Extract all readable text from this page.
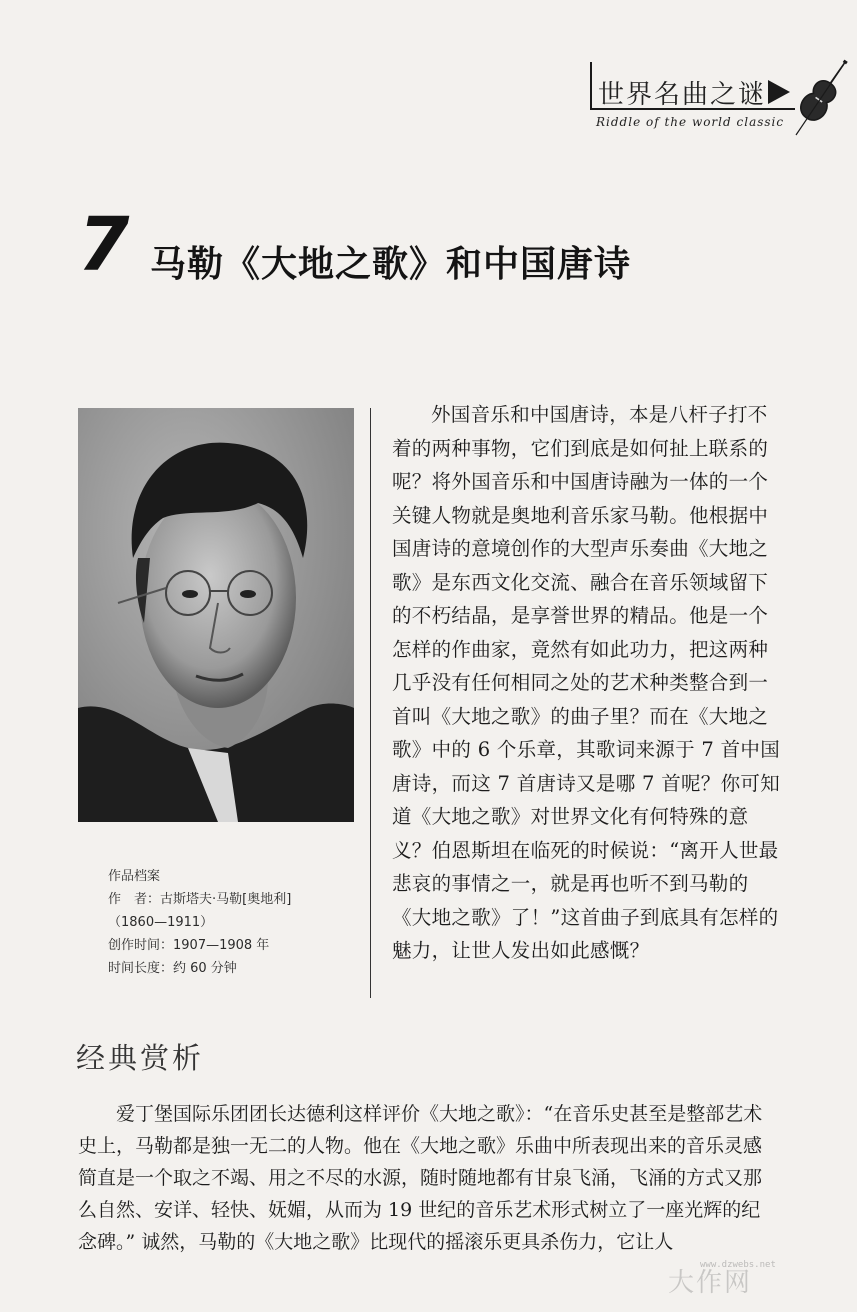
世界名曲之谜
Riddle of the world classic
7 马勒《大地之歌》和中国唐诗
作品档案
作　者：古斯塔夫·马勒[奥地利]
（1860—1911）
创作时间：1907—1908 年
时间长度：约 60 分钟

外国音乐和中国唐诗，本是八杆子打不着的两种事物，它们到底是如何扯上联系的呢？将外国音乐和中国唐诗融为一体的一个关键人物就是奥地利音乐家马勒。他根据中国唐诗的意境创作的大型声乐奏曲《大地之歌》是东西文化交流、融合在音乐领域留下的不朽结晶，是享誉世界的精品。他是一个怎样的作曲家，竟然有如此功力，把这两种几乎没有任何相同之处的艺术种类整合到一首叫《大地之歌》的曲子里？而在《大地之歌》中的 6 个乐章，其歌词来源于 7 首中国唐诗，而这 7 首唐诗又是哪 7 首呢？你可知道《大地之歌》对世界文化有何特殊的意义？伯恩斯坦在临死的时候说：“离开人世最悲哀的事情之一，就是再也听不到马勒的《大地之歌》了！”这首曲子到底具有怎样的魅力，让世人发出如此感慨？

经典赏析

爱丁堡国际乐团团长达德利这样评价《大地之歌》：“在音乐史甚至是整部艺术史上，马勒都是独一无二的人物。他在《大地之歌》乐曲中所表现出来的音乐灵感简直是一个取之不竭、用之不尽的水源，随时随地都有甘泉飞涌，飞涌的方式又那么自然、安详、轻快、妩媚，从而为 19 世纪的音乐艺术形式树立了一座光辉的纪念碑。” 诚然，马勒的《大地之歌》比现代的摇滚乐更具杀伤力，它让人

大作网
www.dzwebs.net
